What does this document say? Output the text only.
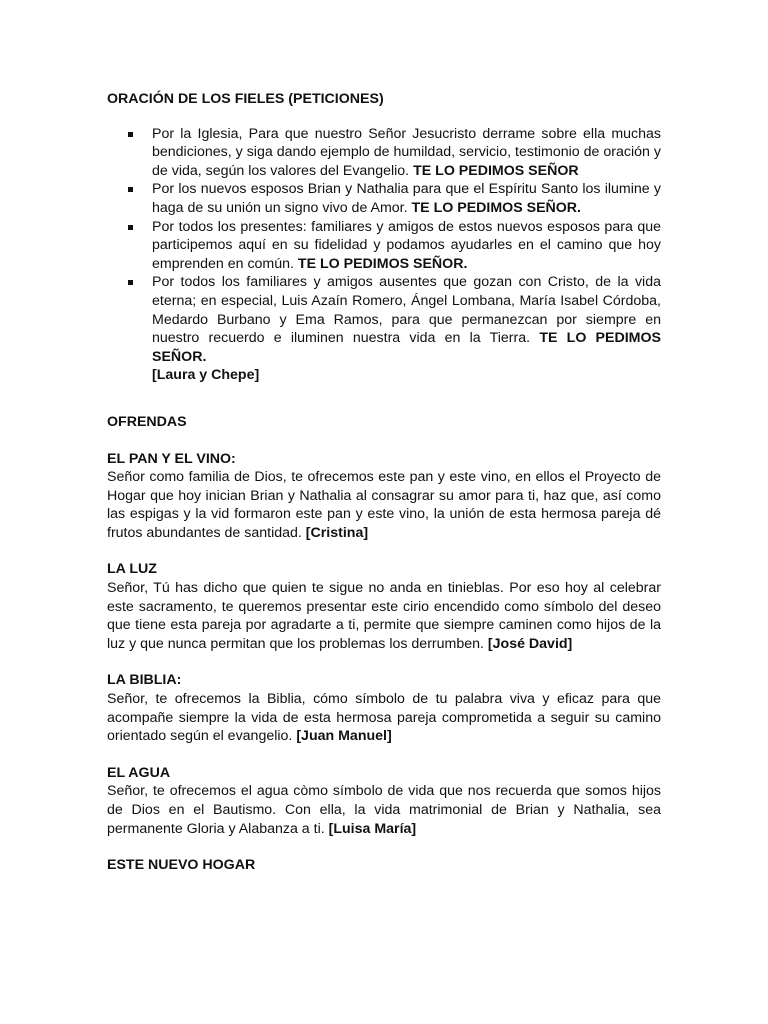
ORACIÓN DE LOS FIELES (PETICIONES)

Por la Iglesia, Para que nuestro Señor Jesucristo derrame sobre ella muchas bendiciones, y siga dando ejemplo de humildad, servicio, testimonio de oración y de vida, según los valores del Evangelio. TE LO PEDIMOS SEÑOR
Por los nuevos esposos Brian y Nathalia para que el Espíritu Santo los ilumine y haga de su unión un signo vivo de Amor. TE LO PEDIMOS SEÑOR.
Por todos los presentes: familiares y amigos de estos nuevos esposos para que participemos aquí en su fidelidad y podamos ayudarles en el camino que hoy emprenden en común. TE LO PEDIMOS SEÑOR.
Por todos los familiares y amigos ausentes que gozan con Cristo, de la vida eterna; en especial, Luis Azaín Romero, Ángel Lombana, María Isabel Córdoba, Medardo Burbano y Ema Ramos, para que permanezcan por siempre en nuestro recuerdo e iluminen nuestra vida en la Tierra. TE LO PEDIMOS SEÑOR.
[Laura y Chepe]

OFRENDAS

EL PAN Y EL VINO:

Señor como familia de Dios, te ofrecemos este pan y este vino, en ellos el Proyecto de Hogar que hoy inician Brian y Nathalia al consagrar su amor para ti, haz que, así como las espigas y la vid formaron este pan y este vino, la unión de esta hermosa pareja dé frutos abundantes de santidad. [Cristina]

LA LUZ

Señor, Tú has dicho que quien te sigue no anda en tinieblas. Por eso hoy al celebrar este sacramento, te queremos presentar este cirio encendido como símbolo del deseo que tiene esta pareja por agradarte a ti, permite que siempre caminen como hijos de la luz y que nunca permitan que los problemas los derrumben. [José David]

LA BIBLIA:

Señor, te ofrecemos la Biblia, cómo símbolo de tu palabra viva y eficaz para que acompañe siempre la vida de esta hermosa pareja comprometida a seguir su camino orientado según el evangelio. [Juan Manuel]

EL AGUA

Señor, te ofrecemos el agua còmo símbolo de vida que nos recuerda que somos hijos de Dios en el Bautismo. Con ella, la vida matrimonial de Brian y Nathalia, sea permanente Gloria y Alabanza a ti. [Luisa María]

ESTE NUEVO HOGAR
